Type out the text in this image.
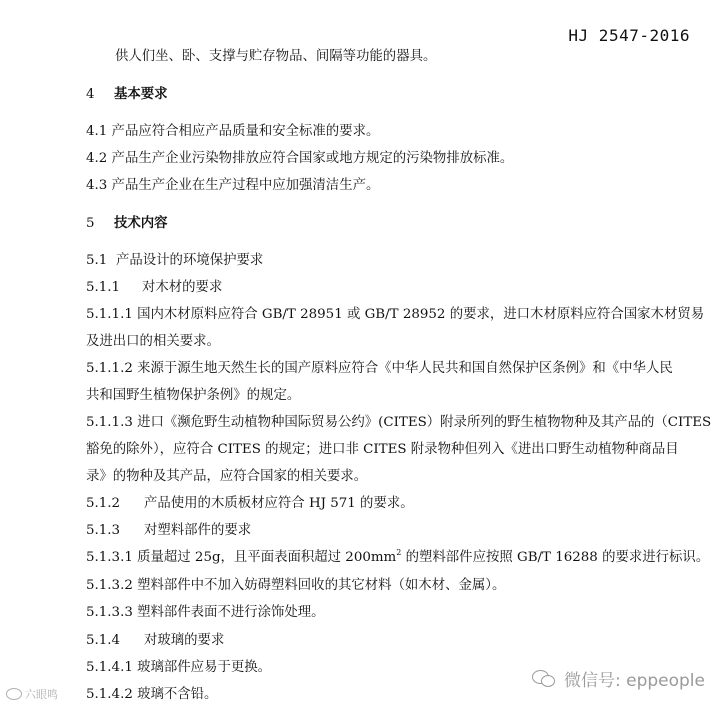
HJ 2547-2016
供人们坐、卧、支撑与贮存物品、间隔等功能的器具。
4 基本要求
4.1 产品应符合相应产品质量和安全标准的要求。
4.2 产品生产企业污染物排放应符合国家或地方规定的污染物排放标准。
4.3 产品生产企业在生产过程中应加强清洁生产。
5 技术内容
5.1 产品设计的环境保护要求
5.1.1 对木材的要求
5.1.1.1 国内木材原料应符合 GB/T 28951 或 GB/T 28952 的要求，进口木材原料应符合国家木材贸易
及进出口的相关要求。
5.1.1.2 来源于源生地天然生长的国产原料应符合《中华人民共和国自然保护区条例》和《中华人民
共和国野生植物保护条例》的规定。
5.1.1.3 进口《濒危野生动植物种国际贸易公约》(CITES）附录所列的野生植物物种及其产品的（CITES
豁免的除外），应符合 CITES 的规定；进口非 CITES 附录物种但列入《进出口野生动植物种商品目
录》的物种及其产品，应符合国家的相关要求。
5.1.2 产品使用的木质板材应符合 HJ 571 的要求。
5.1.3 对塑料部件的要求
5.1.3.1 质量超过 25g，且平面表面积超过 $200mm^2$ 的塑料部件应按照 GB/T 16288 的要求进行标识。
5.1.3.2 塑料部件中不加入妨碍塑料回收的其它材料（如木材、金属）。
5.1.3.3 塑料部件表面不进行涂饰处理。
5.1.4 对玻璃的要求
5.1.4.1 玻璃部件应易于更换。
5.1.4.2 玻璃不含铅。
微信号: eppeople
六眼鸣
